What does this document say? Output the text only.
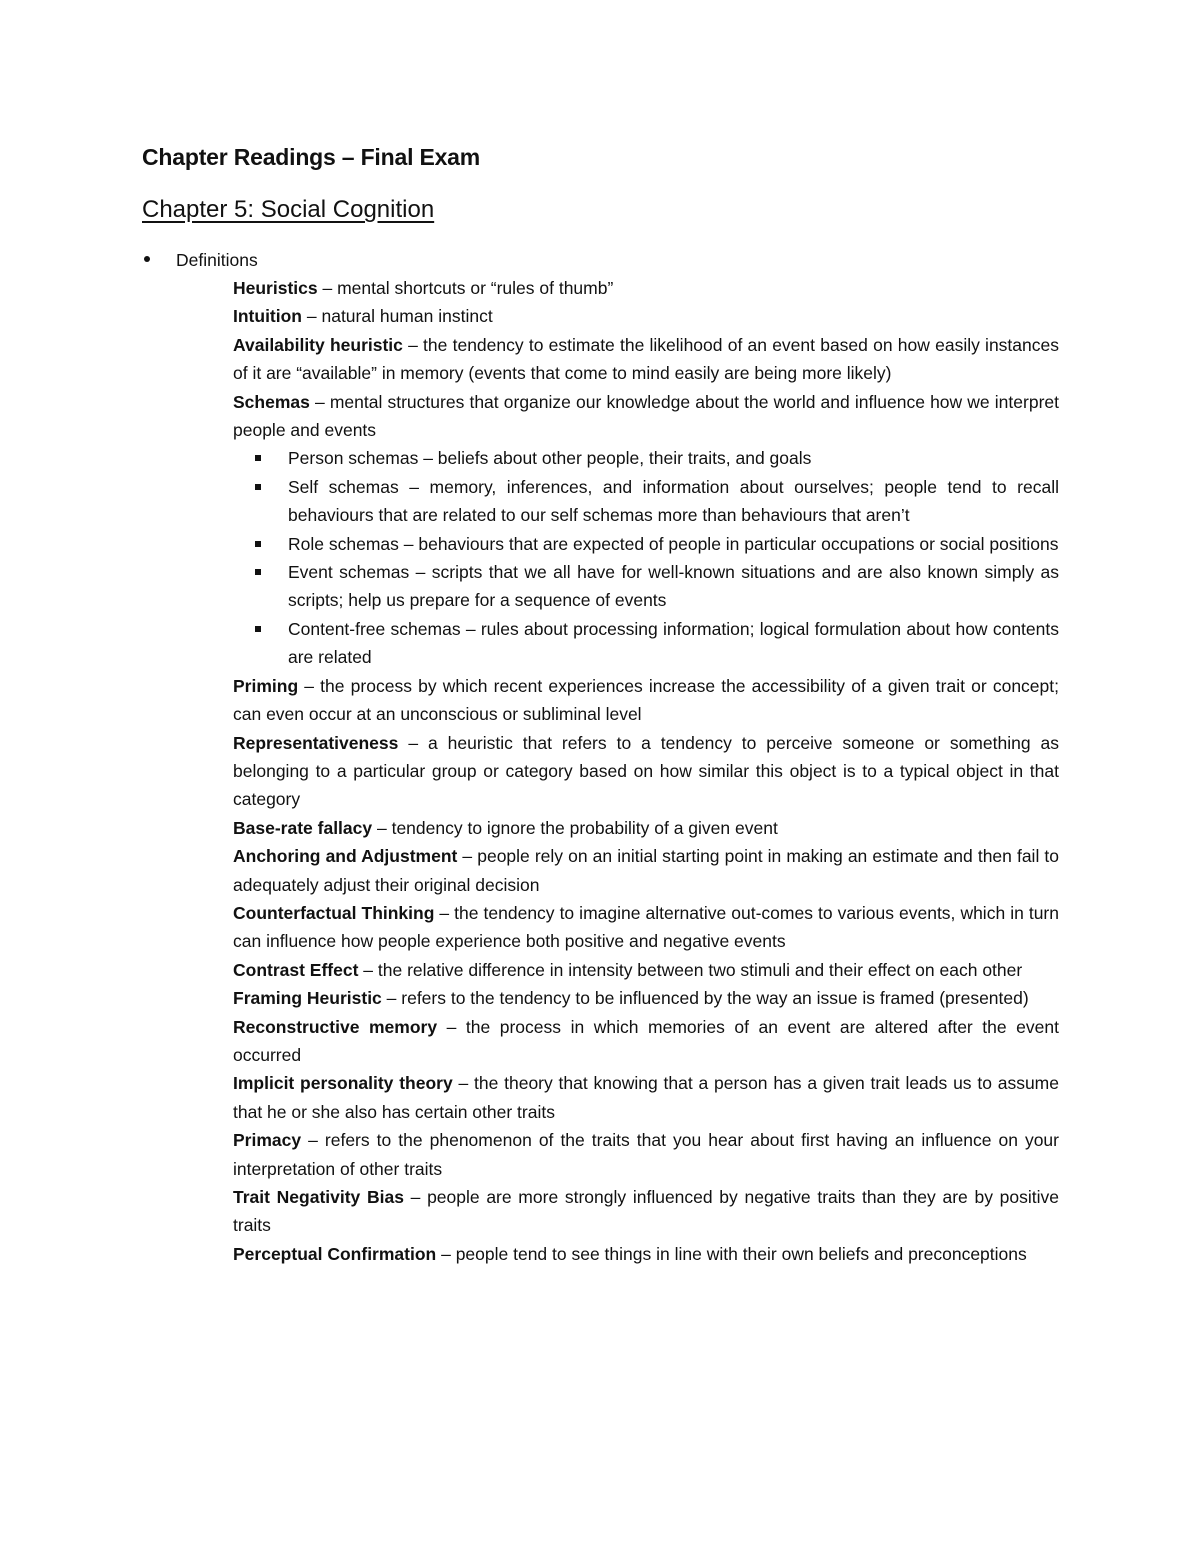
Chapter Readings – Final Exam
Chapter 5: Social Cognition
Definitions

Heuristics – mental shortcuts or “rules of thumb”

Intuition – natural human instinct

Availability heuristic – the tendency to estimate the likelihood of an event based on how easily instances of it are “available” in memory (events that come to mind easily are being more likely)

Schemas – mental structures that organize our knowledge about the world and influence how we interpret people and events

Person schemas – beliefs about other people, their traits, and goals
Self schemas – memory, inferences, and information about ourselves; people tend to recall behaviours that are related to our self schemas more than behaviours that aren’t
Role schemas – behaviours that are expected of people in particular occupations or social positions
Event schemas – scripts that we all have for well-known situations and are also known simply as scripts; help us prepare for a sequence of events
Content-free schemas – rules about processing information; logical formulation about how contents are related

Priming – the process by which recent experiences increase the accessibility of a given trait or concept; can even occur at an unconscious or subliminal level

Representativeness – a heuristic that refers to a tendency to perceive someone or something as belonging to a particular group or category based on how similar this object is to a typical object in that category

Base-rate fallacy – tendency to ignore the probability of a given event

Anchoring and Adjustment – people rely on an initial starting point in making an estimate and then fail to adequately adjust their original decision

Counterfactual Thinking – the tendency to imagine alternative out-comes to various events, which in turn can influence how people experience both positive and negative events

Contrast Effect – the relative difference in intensity between two stimuli and their effect on each other

Framing Heuristic – refers to the tendency to be influenced by the way an issue is framed (presented)

Reconstructive memory – the process in which memories of an event are altered after the event occurred

Implicit personality theory – the theory that knowing that a person has a given trait leads us to assume that he or she also has certain other traits

Primacy – refers to the phenomenon of the traits that you hear about first having an influence on your interpretation of other traits

Trait Negativity Bias – people are more strongly influenced by negative traits than they are by positive traits

Perceptual Confirmation – people tend to see things in line with their own beliefs and preconceptions
